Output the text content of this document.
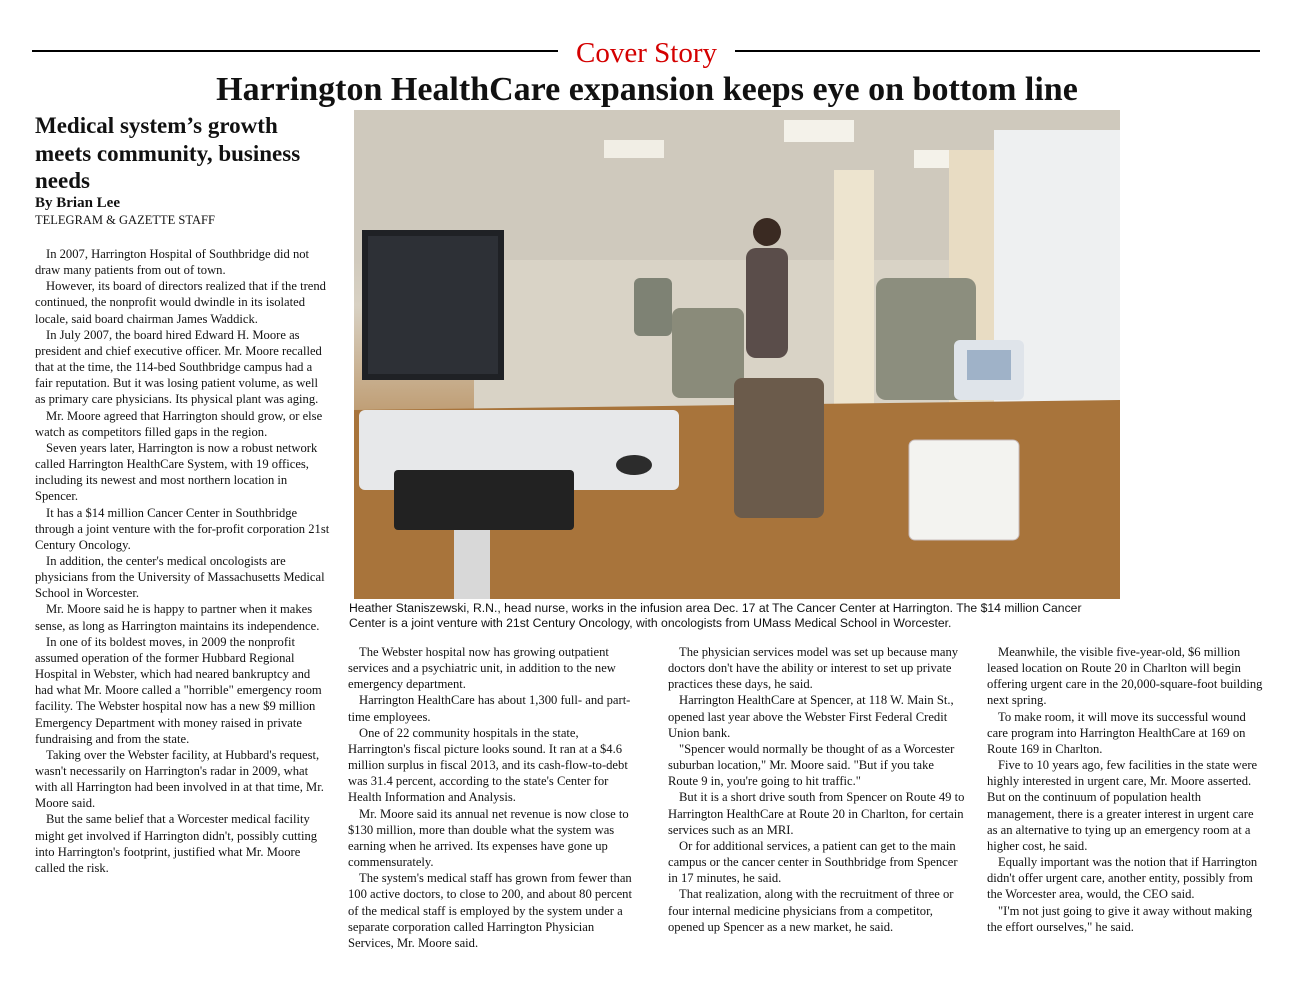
Cover Story
Harrington HealthCare expansion keeps eye on bottom line
Medical system’s growth meets community, business needs
By Brian Lee
TELEGRAM & GAZETTE STAFF

In 2007, Harrington Hospital of Southbridge did not draw many patients from out of town.

However, its board of directors realized that if the trend continued, the nonprofit would dwindle in its isolated locale, said board chairman James Waddick.

In July 2007, the board hired Edward H. Moore as president and chief executive officer. Mr. Moore recalled that at the time, the 114-bed Southbridge campus had a fair reputation. But it was losing patient volume, as well as primary care physicians. Its physical plant was aging.

Mr. Moore agreed that Harrington should grow, or else watch as competitors filled gaps in the region.

Seven years later, Harrington is now a robust network called Harrington HealthCare System, with 19 offices, including its newest and most northern location in Spencer.

It has a $14 million Cancer Center in Southbridge through a joint venture with the for-profit corporation 21st Century Oncology.

In addition, the center's medical oncologists are physicians from the University of Massachusetts Medical School in Worcester.

Mr. Moore said he is happy to partner when it makes sense, as long as Harrington maintains its independence.

In one of its boldest moves, in 2009 the nonprofit assumed operation of the former Hubbard Regional Hospital in Webster, which had neared bankruptcy and had what Mr. Moore called a "horrible" emergency room facility. The Webster hospital now has a new $9 million Emergency Department with money raised in private fundraising and from the state.

Taking over the Webster facility, at Hubbard's request, wasn't necessarily on Harrington's radar in 2009, what with all Harrington had been involved in at that time, Mr. Moore said.

But the same belief that a Worcester medical facility might get involved if Harrington didn't, possibly cutting into Harrington's footprint, justified what Mr. Moore called the risk.

Heather Staniszewski, R.N., head nurse, works in the infusion area Dec. 17 at The Cancer Center at Harrington. The $14 million Cancer Center is a joint venture with 21st Century Oncology, with oncologists from UMass Medical School in Worcester.

The Webster hospital now has growing outpatient services and a psychiatric unit, in addition to the new emergency department.

Harrington HealthCare has about 1,300 full- and part-time employees.

One of 22 community hospitals in the state, Harrington's fiscal picture looks sound. It ran at a $4.6 million surplus in fiscal 2013, and its cash-flow-to-debt was 31.4 percent, according to the state's Center for Health Information and Analysis.

Mr. Moore said its annual net revenue is now close to $130 million, more than double what the system was earning when he arrived. Its expenses have gone up commensurately.

The system's medical staff has grown from fewer than 100 active doctors, to close to 200, and about 80 percent of the medical staff is employed by the system under a separate corporation called Harrington Physician Services, Mr. Moore said.

The physician services model was set up because many doctors don't have the ability or interest to set up private practices these days, he said.

Harrington HealthCare at Spencer, at 118 W. Main St., opened last year above the Webster First Federal Credit Union bank.

"Spencer would normally be thought of as a Worcester suburban location," Mr. Moore said. "But if you take Route 9 in, you're going to hit traffic."

But it is a short drive south from Spencer on Route 49 to Harrington HealthCare at Route 20 in Charlton, for certain services such as an MRI.

Or for additional services, a patient can get to the main campus or the cancer center in Southbridge from Spencer in 17 minutes, he said.

That realization, along with the recruitment of three or four internal medicine physicians from a competitor, opened up Spencer as a new market, he said.

Meanwhile, the visible five-year-old, $6 million leased location on Route 20 in Charlton will begin offering urgent care in the 20,000-square-foot building next spring.

To make room, it will move its successful wound care program into Harrington HealthCare at 169 on Route 169 in Charlton.

Five to 10 years ago, few facilities in the state were highly interested in urgent care, Mr. Moore asserted. But on the continuum of population health management, there is a greater interest in urgent care as an alternative to tying up an emergency room at a higher cost, he said.

Equally important was the notion that if Harrington didn't offer urgent care, another entity, possibly from the Worcester area, would, the CEO said.

"I'm not just going to give it away without making the effort ourselves," he said.
